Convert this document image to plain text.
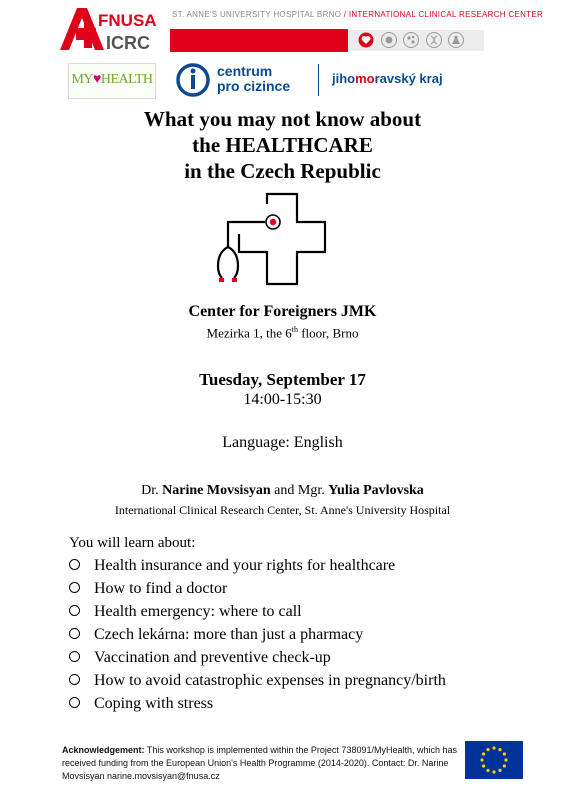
FNUSA
ICRC
ST. ANNE'S UNIVERSITY HOSPITAL BRNO / INTERNATIONAL CLINICAL RESEARCH CENTER
MY♥HEALTH
centrum
pro cizince	jihomoravský kraj
What you may not know about
the HEALTHCARE
in the Czech Republic
Center for Foreigners JMK
Mezirka 1, the 6th floor, Brno
Tuesday, September 17
14:00-15:30
Language: English
Dr. Narine Movsisyan and Mgr. Yulia Pavlovska
International Clinical Research Center, St. Anne's University Hospital
You will learn about:
Health insurance and your rights for healthcare
How to find a doctor
Health emergency: where to call
Czech lekárna: more than just a pharmacy
Vaccination and preventive check-up
How to avoid catastrophic expenses in pregnancy/birth
Coping with stress
Acknowledgement: This workshop is implemented within the Project 738091/MyHealth, which has received funding from the European Union's Health Programme (2014-2020). Contact: Dr. Narine Movsisyan narine.movsisyan@fnusa.cz
